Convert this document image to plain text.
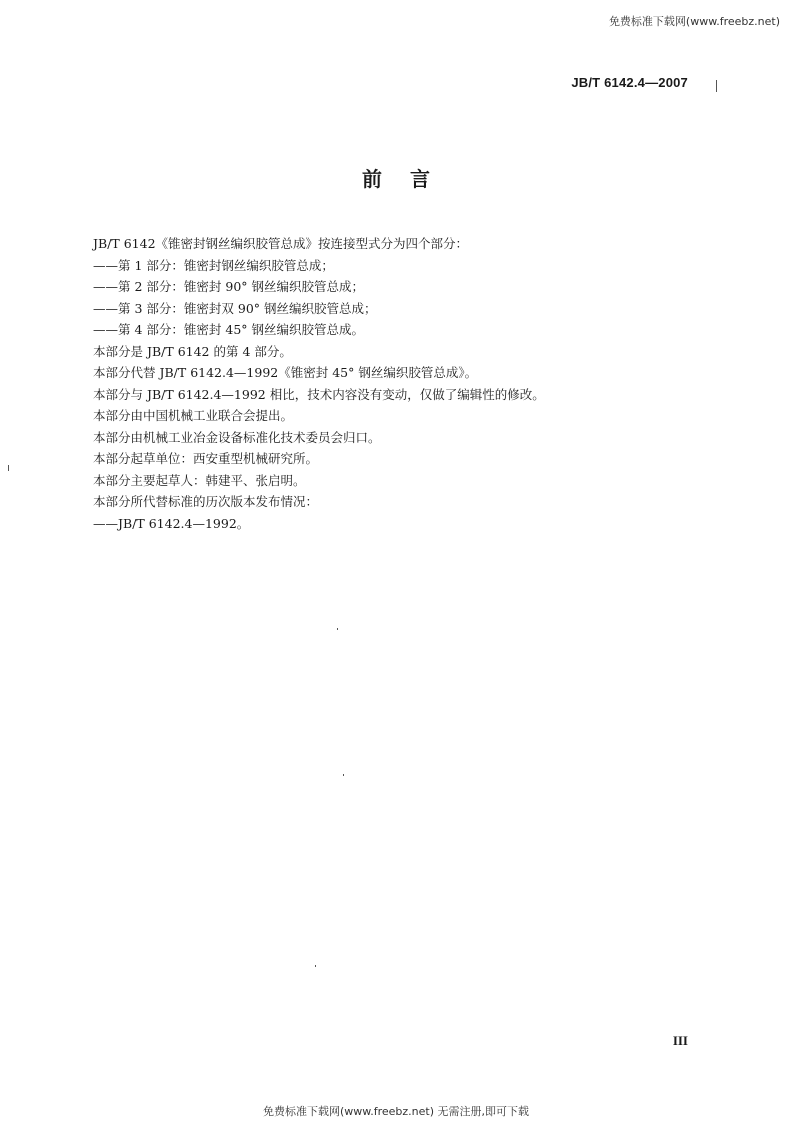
免费标准下载网(www.freebz.net)
JB/T 6142.4—2007
前言
JB/T 6142《锥密封钢丝编织胶管总成》按连接型式分为四个部分：
——第 1 部分：锥密封钢丝编织胶管总成；
——第 2 部分：锥密封 90° 钢丝编织胶管总成；
——第 3 部分：锥密封双 90° 钢丝编织胶管总成；
——第 4 部分：锥密封 45° 钢丝编织胶管总成。
本部分是 JB/T 6142 的第 4 部分。
本部分代替 JB/T 6142.4—1992《锥密封 45° 钢丝编织胶管总成》。
本部分与 JB/T 6142.4—1992 相比，技术内容没有变动，仅做了编辑性的修改。
本部分由中国机械工业联合会提出。
本部分由机械工业冶金设备标准化技术委员会归口。
本部分起草单位：西安重型机械研究所。
本部分主要起草人：韩建平、张启明。
本部分所代替标准的历次版本发布情况：
——JB/T 6142.4—1992。
III
免费标准下载网(www.freebz.net) 无需注册,即可下载
